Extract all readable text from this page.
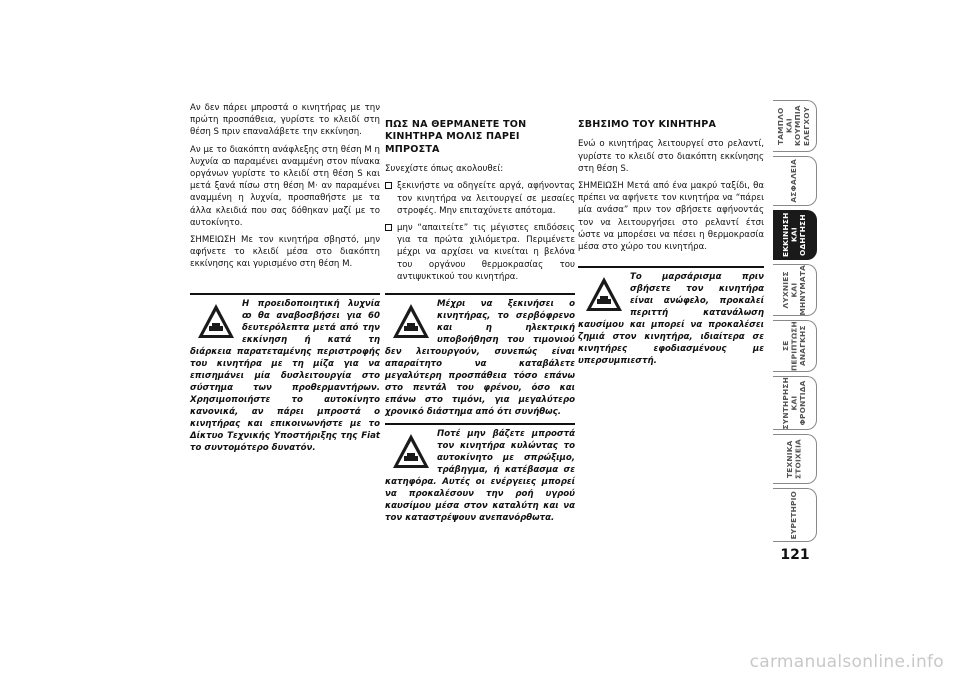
Αν δεν πάρει μπροστά ο κινητήρας με την πρώτη προσπάθεια, γυρίστε το κλειδί στη θέση S πριν επαναλάβετε την εκκίνηση.

Αν με το διακόπτη ανάφλεξης στη θέση M η λυχνία ꝏ παραμένει αναμμένη στον πίνακα οργάνων γυρίστε το κλειδί στη θέση S και μετά ξανά πίσω στη θέση M· αν παραμένει αναμμένη η λυχνία, προσπαθήστε με τα άλλα κλειδιά που σας δόθηκαν μαζί με το αυτοκίνητο.

ΣΗΜΕΙΩΣΗ Με τον κινητήρα σβηστό, μην αφήνετε το κλειδί μέσα στο διακόπτη εκκίνησης και γυρισμένο στη θέση M.

Η προειδοποιητική λυχνία ꝏ θα αναβοσβήσει για 60 δευτερόλεπτα μετά από την εκκίνηση ή κατά τη διάρκεια παρατεταμένης περιστροφής του κινητήρα με τη μίζα για να επισημάνει μία δυσλειτουργία στο σύστημα των προθερμαντήρων. Χρησιμοποιήστε το αυτοκίνητο κανονικά, αν πάρει μπροστά ο κινητήρας και επικοινωνήστε με το Δίκτυο Τεχνικής Υποστήριξης της Fiat το συντομότερο δυνατόν.
ΠΩΣ ΝΑ ΘΕΡΜΑΝΕΤΕ ΤΟΝ ΚΙΝΗΤΗΡΑ ΜΟΛΙΣ ΠΑΡΕΙ ΜΠΡΟΣΤΑ

Συνεχίστε όπως ακολουθεί:

ξεκινήστε να οδηγείτε αργά, αφήνοντας τον κινητήρα να λειτουργεί σε μεσαίες στροφές. Μην επιταχύνετε απότομα.
μην “απαιτείτε” τις μέγιστες επιδόσεις για τα πρώτα χιλιόμετρα. Περιμένετε μέχρι να αρχίσει να κινείται η βελόνα του οργάνου θερμοκρασίας του αντιψυκτικού του κινητήρα.
Μέχρι να ξεκινήσει ο κινητήρας, το σερβόφρενο και η ηλεκτρική υποβοήθηση του τιμονιού δεν λειτουργούν, συνεπώς είναι απαραίτητο να καταβάλετε μεγαλύτερη προσπάθεια τόσο επάνω στο πεντάλ του φρένου, όσο και επάνω στο τιμόνι, για μεγαλύτερο χρονικό διάστημα από ότι συνήθως.
Ποτέ μην βάζετε μπροστά τον κινητήρα κυλώντας το αυτοκίνητο με σπρώξιμο, τράβηγμα, ή κατέβασμα σε κατηφόρα. Αυτές οι ενέργειες μπορεί να προκαλέσουν την ροή υγρού καυσίμου μέσα στον καταλύτη και να τον καταστρέψουν ανεπανόρθωτα.
ΣΒΗΣΙΜΟ ΤΟΥ ΚΙΝΗΤΗΡΑ

Ενώ ο κινητήρας λειτουργεί στο ρελαντί, γυρίστε το κλειδί στο διακόπτη εκκίνησης στη θέση S.

ΣΗΜΕΙΩΣΗ Μετά από ένα μακρύ ταξίδι, θα πρέπει να αφήνετε τον κινητήρα να “πάρει μία ανάσα” πριν τον σβήσετε αφήνοντάς τον να λειτουργήσει στο ρελαντί έτσι ώστε να μπορέσει να πέσει η θερμοκρασία μέσα στο χώρο του κινητήρα.

Το μαρσάρισμα πριν σβήσετε τον κινητήρα είναι ανώφελο, προκαλεί περιττή κατανάλωση καυσίμου και μπορεί να προκαλέσει ζημιά στον κινητήρα, ιδιαίτερα σε κινητήρες εφοδιασμένους με υπερσυμπιεστή.
ΤΑΜΠΛΟ ΚΑΙ ΚΟΥΜΠΙΑ ΕΛΕΓΧΟΥ
ΑΣΦΑΛΕΙΑ
ΕΚΚΙΝΗΣΗ ΚΑΙ ΟΔΗΓΗΣΗ
ΛΥΧΝΙΕΣ ΚΑΙ ΜΗΝΥΜΑΤΑ
ΣΕ ΠΕΡΙΠΤΩΣΗ ΑΝΑΓΚΗΣ
ΣΥΝΤΗΡΗΣΗ ΚΑΙ ΦΡΟΝΤΙΔΑ
ΤΕΧΝΙΚΑ ΣΤΟΙΧΕΙΑ
ΕΥΡΕΤΗΡΙΟ
121
carmanualsonline.info
